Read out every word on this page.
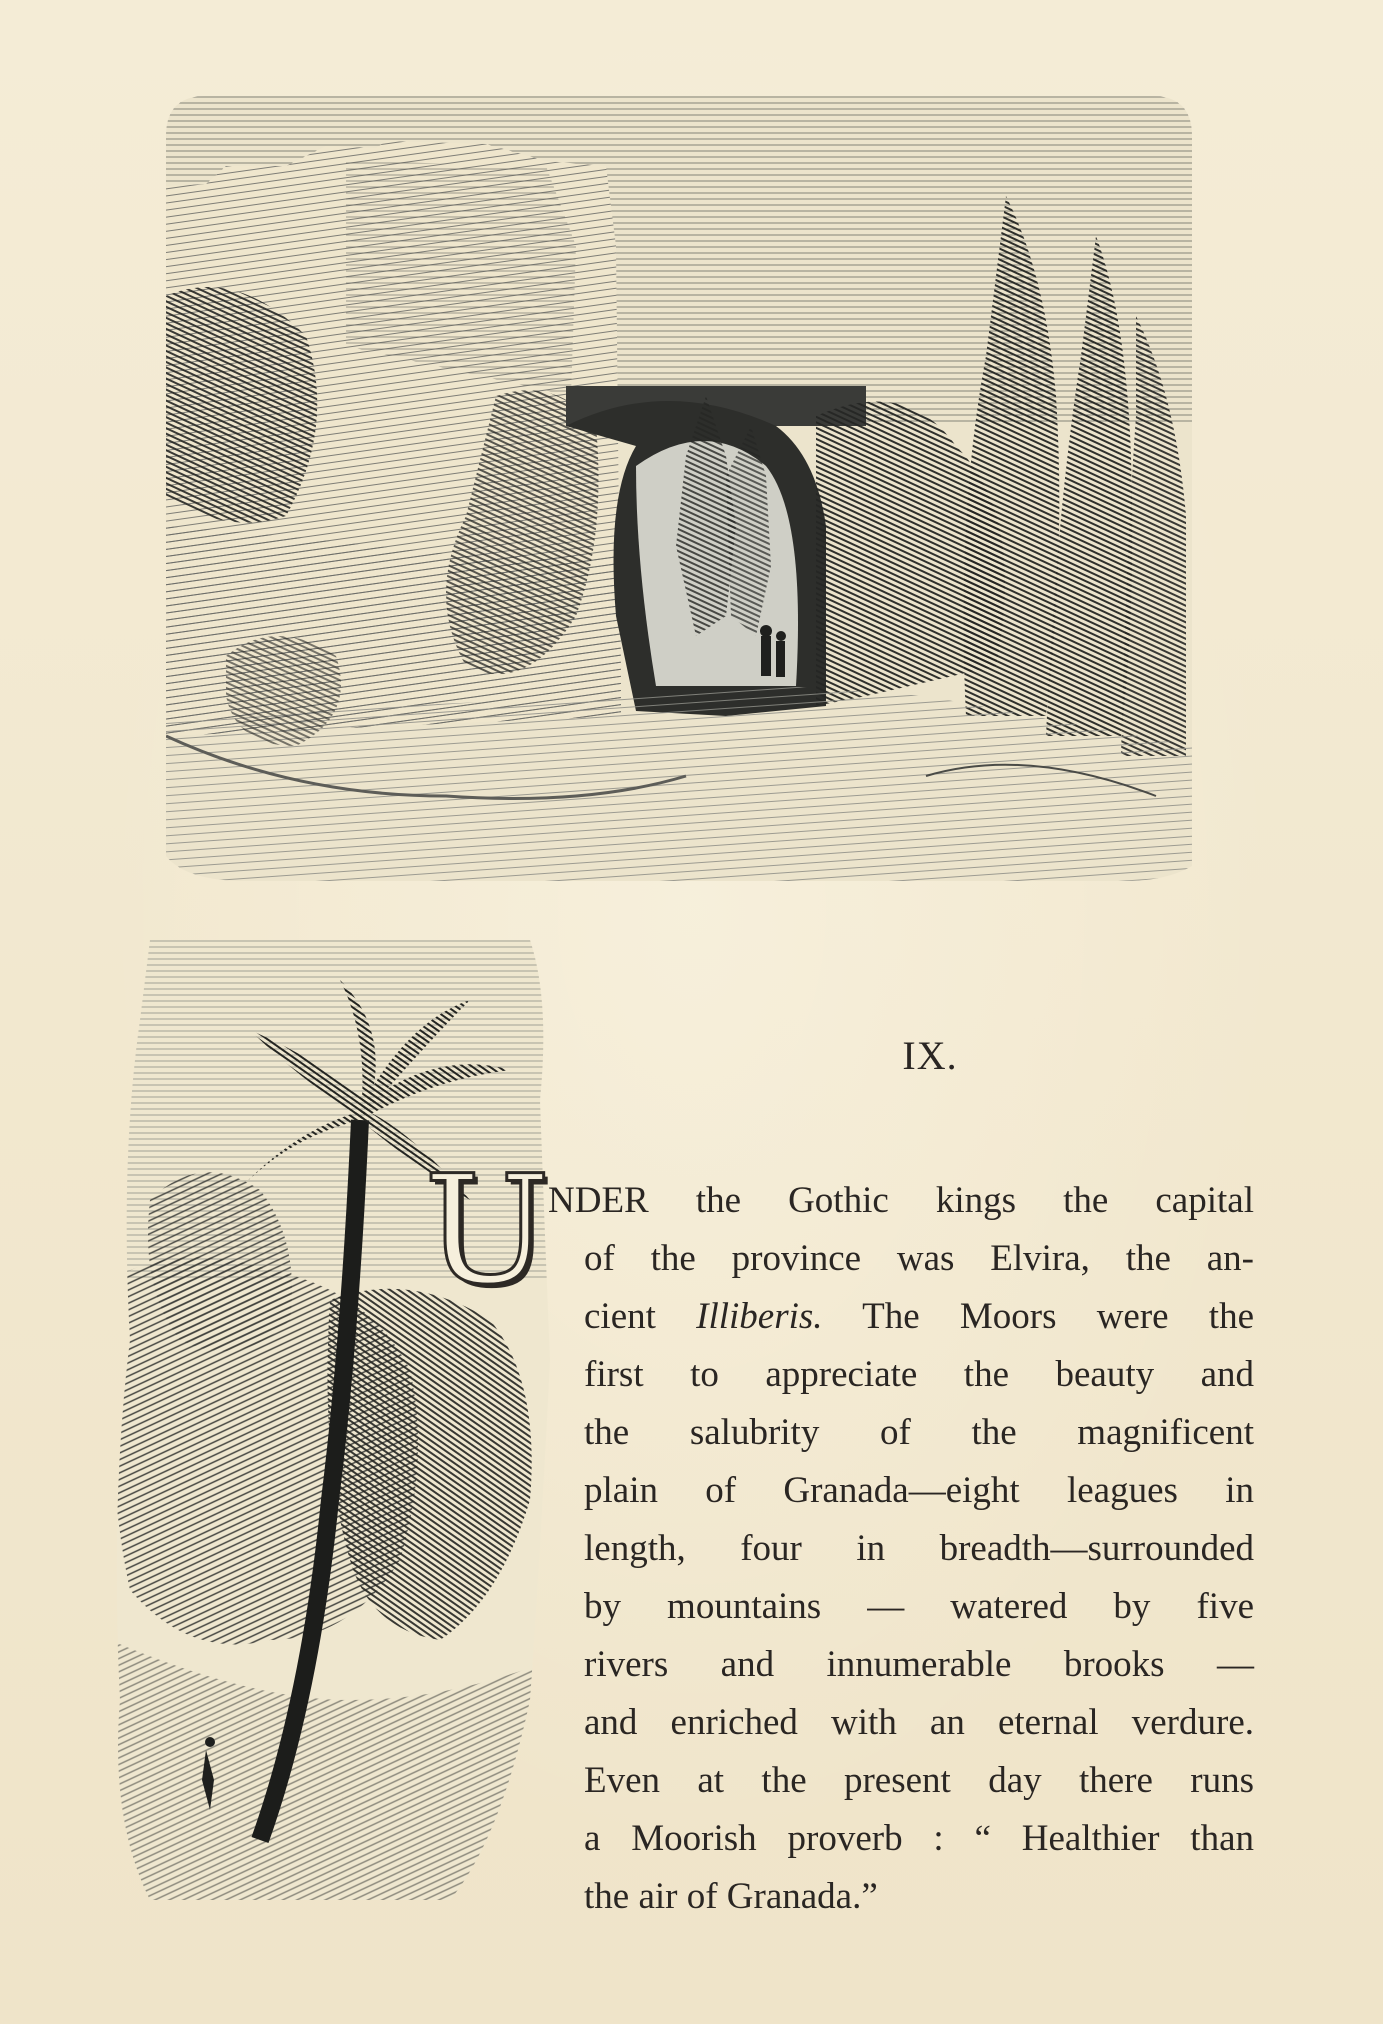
IX.
U
NDER the Gothic kings the capital
of the province was Elvira, the an-
cient Illiberis. The Moors were the
first to appreciate the beauty and
the salubrity of the magnificent
plain of Granada—eight leagues in
length, four in breadth—surrounded
by mountains — watered by five
rivers and innumerable brooks —
and enriched with an eternal verdure.
Even at the present day there runs
a Moorish proverb : “ Healthier than
the air of Granada.”
